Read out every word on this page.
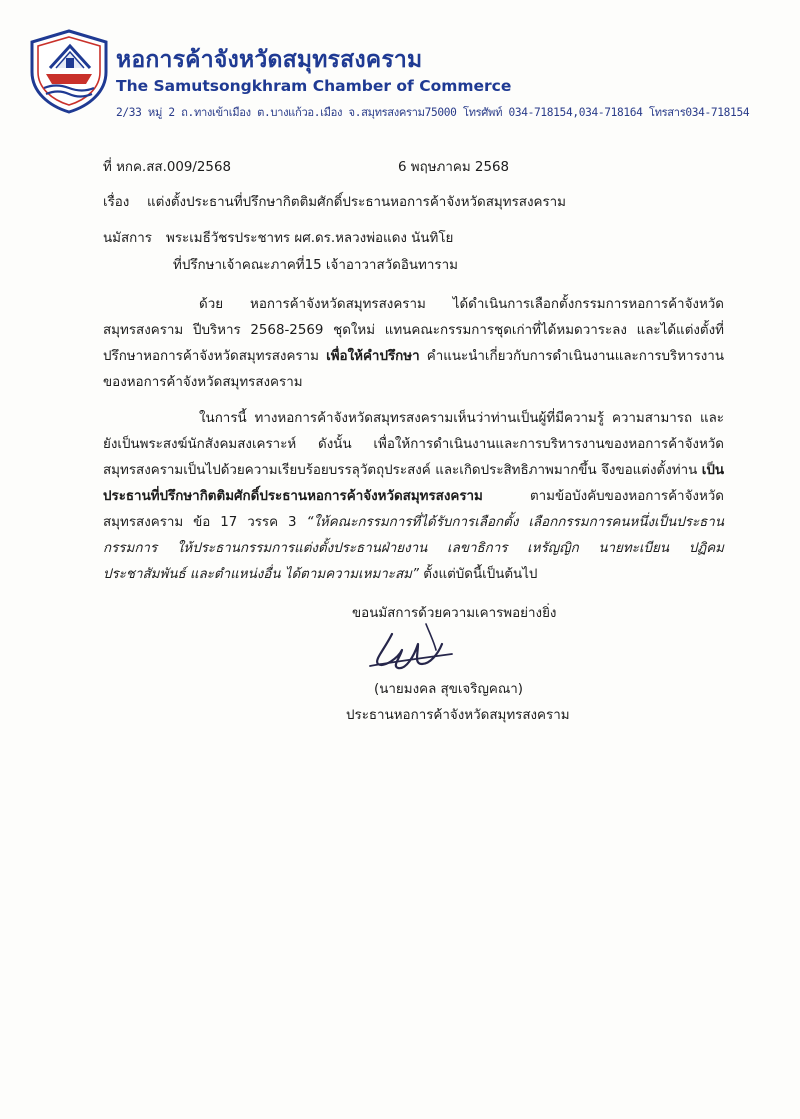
หอการค้าจังหวัดสมุทรสงคราม
The Samutsongkhram Chamber of Commerce
2/33 หมู่ 2 ถ.ทางเข้าเมือง ต.บางแก้วอ.เมือง จ.สมุทรสงคราม75000 โทรศัพท์ 034-718154,034-718164 โทรสาร034-718154
ที่ หกค.สส.009/2568	6 พฤษภาคม 2568
เรื่อง แต่งตั้งประธานที่ปรึกษากิตติมศักดิ์ประธานหอการค้าจังหวัดสมุทรสงคราม
นมัสการ พระเมธีวัชรประชาทร ผศ.ดร.หลวงพ่อแดง นันทิโย
ที่ปรึกษาเจ้าคณะภาคที่15 เจ้าอาวาสวัดอินทาราม
ด้วย หอการค้าจังหวัดสมุทรสงคราม ได้ดำเนินการเลือกตั้งกรรมการหอการค้าจังหวัดสมุทรสงคราม ปีบริหาร 2568-2569 ชุดใหม่ แทนคณะกรรมการชุดเก่าที่ได้หมดวาระลง และได้แต่งตั้งที่ปรึกษาหอการค้าจังหวัดสมุทรสงคราม เพื่อให้คำปรึกษา คำแนะนำเกี่ยวกับการดำเนินงานและการบริหารงานของหอการค้าจังหวัดสมุทรสงคราม
ในการนี้ ทางหอการค้าจังหวัดสมุทรสงครามเห็นว่าท่านเป็นผู้ที่มีความรู้ ความสามารถ และยังเป็นพระสงฆ์นักสังคมสงเคราะห์ ดังนั้น เพื่อให้การดำเนินงานและการบริหารงานของหอการค้าจังหวัดสมุทรสงครามเป็นไปด้วยความเรียบร้อยบรรลุวัตถุประสงค์ และเกิดประสิทธิภาพมากขึ้น จึงขอแต่งตั้งท่าน เป็นประธานที่ปรึกษากิตติมศักดิ์ประธานหอการค้าจังหวัดสมุทรสงคราม	ตามข้อบังคับของหอการค้าจังหวัดสมุทรสงคราม ข้อ 17 วรรค 3 “ให้คณะกรรมการที่ได้รับการเลือกตั้ง เลือกกรรมการคนหนึ่งเป็นประธานกรรมการ ให้ประธานกรรมการแต่งตั้งประธานฝ่ายงาน เลขาธิการ เหรัญญิก นายทะเบียน ปฏิคมประชาสัมพันธ์ และตำแหน่งอื่น ได้ตามความเหมาะสม” ตั้งแต่บัดนี้เป็นต้นไป
ขอนมัสการด้วยความเคารพอย่างยิ่ง
(นายมงคล สุขเจริญคณา)
ประธานหอการค้าจังหวัดสมุทรสงคราม
